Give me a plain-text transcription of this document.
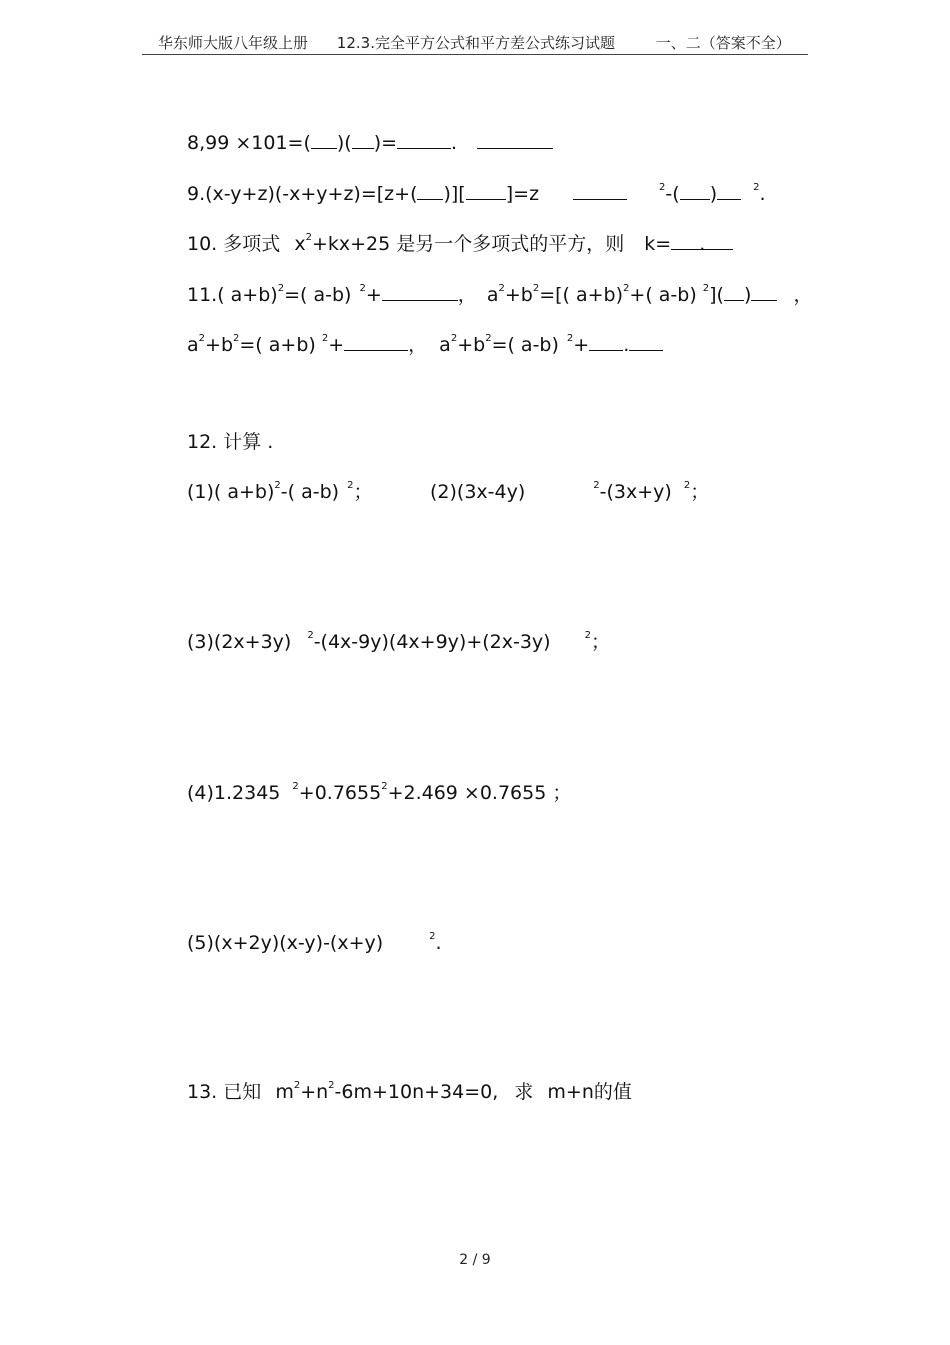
华东师大版八年级上册 12.3.完全平方公式和平方差公式练习试题	一、二（答案不全）
8,99 ×101=( )( )=	.
9.(x-y+z)(-x+y+z)=[z+( )][ ]=z	$^2$-( )	$^2$.
10. 多项式 $x^2+kx+25$ 是另一个多项式的平方，则 k= .
11.( a+b)$^2$=( a-b) $^2$+	， $a^2+b^2=$[( a+b)$^2$+( a-b) $^2$]( ) ，
$a^2+b^2=$( a+b) $^2$+	， $a^2+b^2=$( a-b) $^2$+ .
12. 计算 .
(1)( a+b)$^2$-( a-b) $^2$；	(2)(3x-4y)	$^2$-(3x+y) $^2$；
(3)(2x+3y) $^2$-(4x-9y)(4x+9y)+(2x-3y)	$^2$；
(4)1.2345 $^2+0.7655^2+2.469 \times 0.7655$ ；
(5)(x+2y)(x-y)-(x+y)	$^2$.
13. 已知 $m^2+n^2-6m+10n+34=0$, 求 m+n的值
2 / 9
